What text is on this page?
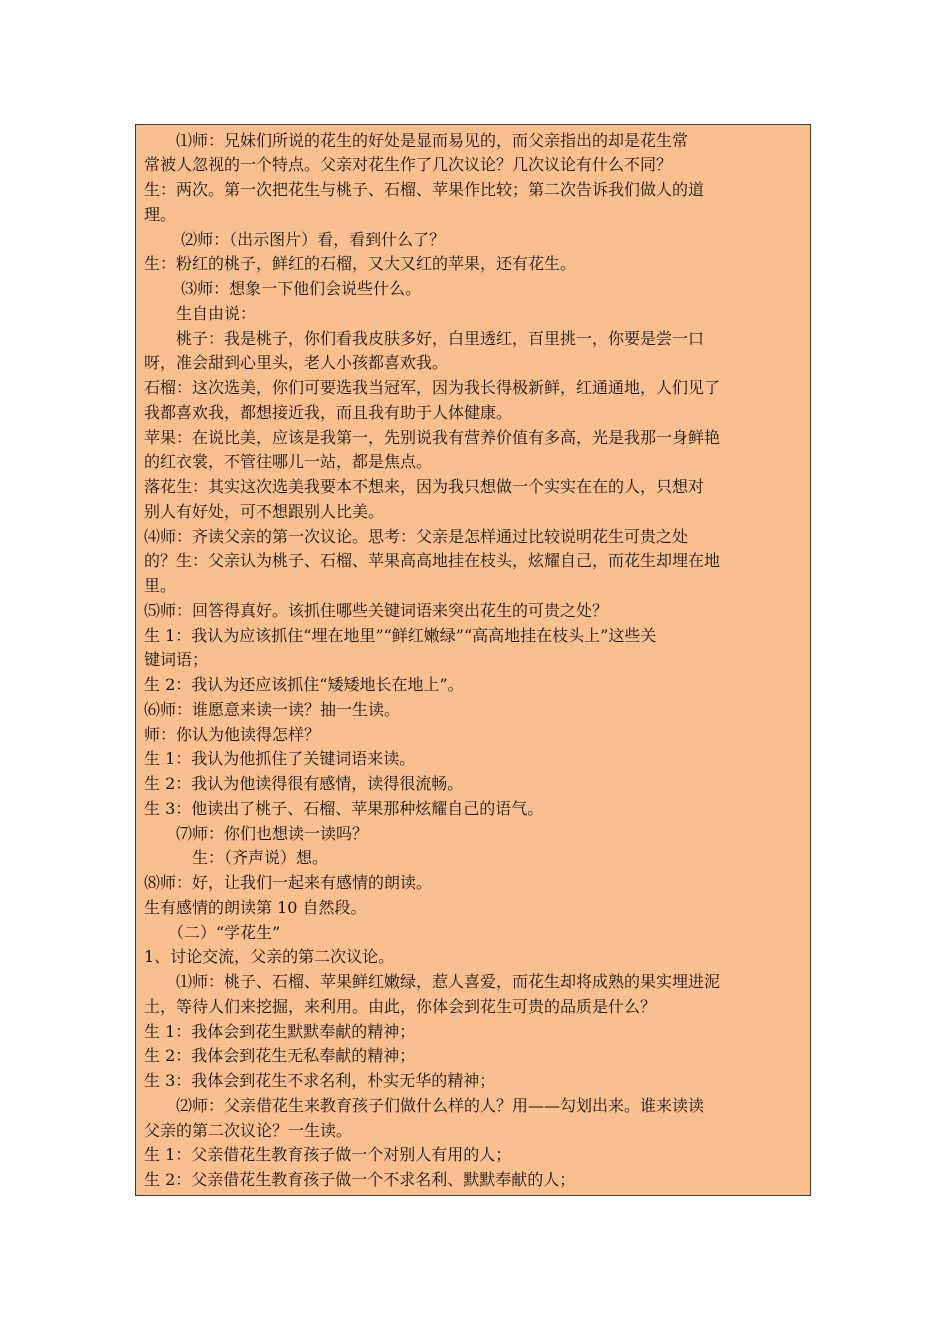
　　⑴师：兄妹们所说的花生的好处是显而易见的，而父亲指出的却是花生常
常被人忽视的一个特点。父亲对花生作了几次议论？几次议论有什么不同？
生：两次。第一次把花生与桃子、石榴、苹果作比较；第二次告诉我们做人的道
理。
　　 ⑵师：（出示图片）看，看到什么了？
生：粉红的桃子，鲜红的石榴，又大又红的苹果，还有花生。
　　 ⑶师：想象一下他们会说些什么。
　　生自由说：
　　桃子：我是桃子，你们看我皮肤多好，白里透红，百里挑一，你要是尝一口
呀，准会甜到心里头，老人小孩都喜欢我。
石榴：这次选美，你们可要选我当冠军，因为我长得极新鲜，红通通地，人们见了
我都喜欢我，都想接近我，而且我有助于人体健康。
苹果：在说比美，应该是我第一，先别说我有营养价值有多高，光是我那一身鲜艳
的红衣裳，不管往哪儿一站，都是焦点。
落花生：其实这次选美我要本不想来，因为我只想做一个实实在在的人，只想对
别人有好处，可不想跟别人比美。
⑷师：齐读父亲的第一次议论。思考：父亲是怎样通过比较说明花生可贵之处
的？生：父亲认为桃子、石榴、苹果高高地挂在枝头，炫耀自己，而花生却埋在地
里。
⑸师：回答得真好。该抓住哪些关键词语来突出花生的可贵之处？
生 1：我认为应该抓住“埋在地里”“鲜红嫩绿”“高高地挂在枝头上”这些关
键词语；
生 2：我认为还应该抓住“矮矮地长在地上”。
⑹师：谁愿意来读一读？抽一生读。
师：你认为他读得怎样？
生 1：我认为他抓住了关键词语来读。
生 2：我认为他读得很有感情，读得很流畅。
生 3：他读出了桃子、石榴、苹果那种炫耀自己的语气。
　　⑺师：你们也想读一读吗？
　　　生：（齐声说）想。
⑻师：好，让我们一起来有感情的朗读。
生有感情的朗读第 10 自然段。
　　（二）“学花生”
1、讨论交流，父亲的第二次议论。
　　⑴师：桃子、石榴、苹果鲜红嫩绿，惹人喜爱，而花生却将成熟的果实埋进泥
土，等待人们来挖掘，来利用。由此，你体会到花生可贵的品质是什么？
生 1：我体会到花生默默奉献的精神；
生 2：我体会到花生无私奉献的精神；
生 3：我体会到花生不求名利，朴实无华的精神；
　　⑵师：父亲借花生来教育孩子们做什么样的人？用——勾划出来。谁来读读
父亲的第二次议论？一生读。
生 1：父亲借花生教育孩子做一个对别人有用的人；
生 2：父亲借花生教育孩子做一个不求名利、默默奉献的人；
